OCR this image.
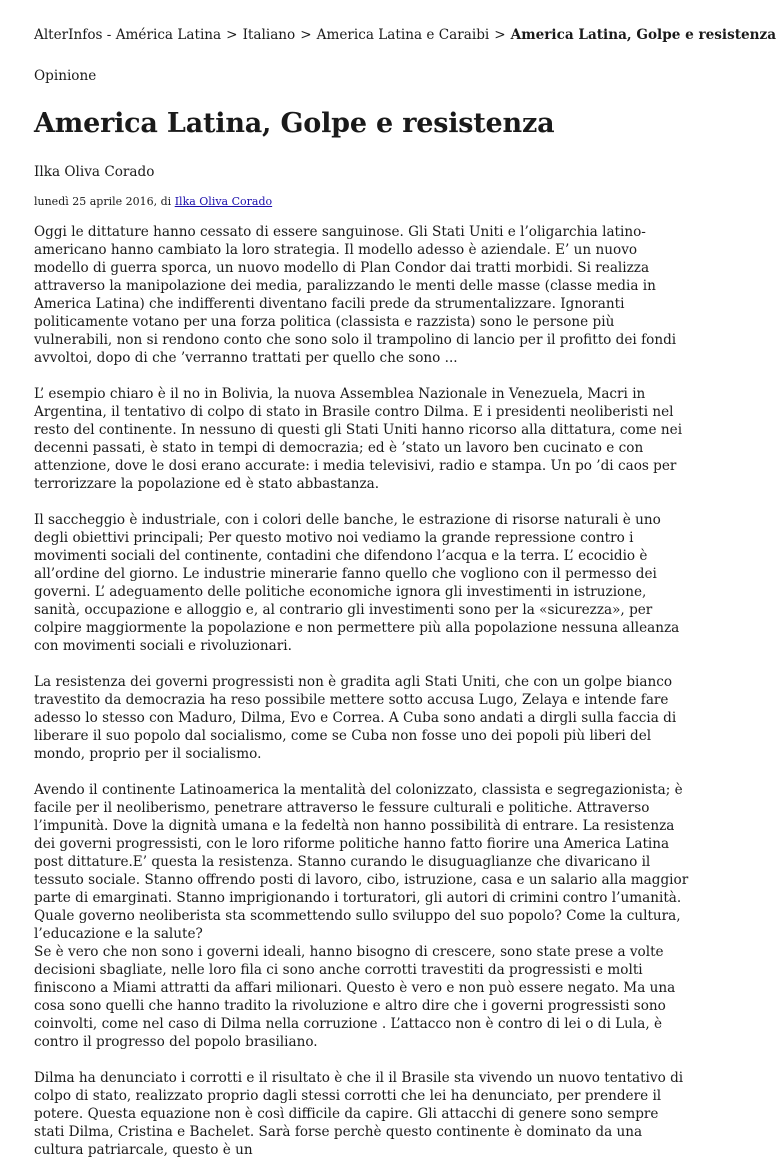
AlterInfos - América Latina > Italiano > America Latina e Caraibi > America Latina, Golpe e resistenza
Opinione
America Latina, Golpe e resistenza
Ilka Oliva Corado
lunedì 25 aprile 2016, di Ilka Oliva Corado

Oggi le dittature hanno cessato di essere sanguinose. Gli Stati Uniti e l’oligarchia latino-americano hanno cambiato la loro strategia. Il modello adesso è aziendale. E’ un nuovo modello di guerra sporca, un nuovo modello di Plan Condor dai tratti morbidi. Si realizza attraverso la manipolazione dei media, paralizzando le menti delle masse (classe media in America Latina) che indifferenti diventano facili prede da strumentalizzare. Ignoranti politicamente votano per una forza politica (classista e razzista) sono le persone più vulnerabili, non si rendono conto che sono solo il trampolino di lancio per il profitto dei fondi avvoltoi, dopo di che ’verranno trattati per quello che sono ...

L’ esempio chiaro è il no in Bolivia, la nuova Assemblea Nazionale in Venezuela, Macri in Argentina, il tentativo di colpo di stato in Brasile contro Dilma. E i presidenti neoliberisti nel resto del continente. In nessuno di questi gli Stati Uniti hanno ricorso alla dittatura, come nei decenni passati, è stato in tempi di democrazia; ed è ’stato un lavoro ben cucinato e con attenzione, dove le dosi erano accurate: i media televisivi, radio e stampa. Un po ’di caos per terrorizzare la popolazione ed è stato abbastanza.

Il saccheggio è industriale, con i colori delle banche, le estrazione di risorse naturali è uno degli obiettivi principali; Per questo motivo noi vediamo la grande repressione contro i movimenti sociali del continente, contadini che difendono l’acqua e la terra. L’ ecocidio è all’ordine del giorno. Le industrie minerarie fanno quello che vogliono con il permesso dei governi. L’ adeguamento delle politiche economiche ignora gli investimenti in istruzione, sanità, occupazione e alloggio e, al contrario gli investimenti sono per la «sicurezza», per colpire maggiormente la popolazione e non permettere più alla popolazione nessuna alleanza con movimenti sociali e rivoluzionari.

La resistenza dei governi progressisti non è gradita agli Stati Uniti, che con un golpe bianco travestito da democrazia ha reso possibile mettere sotto accusa Lugo, Zelaya e intende fare adesso lo stesso con Maduro, Dilma, Evo e Correa. A Cuba sono andati a dirgli sulla faccia di liberare il suo popolo dal socialismo, come se Cuba non fosse uno dei popoli più liberi del mondo, proprio per il socialismo.

Avendo il continente Latinoamerica la mentalità del colonizzato, classista e segregazionista; è facile per il neoliberismo, penetrare attraverso le fessure culturali e politiche. Attraverso l’impunità. Dove la dignità umana e la fedeltà non hanno possibilità di entrare. La resistenza dei governi progressisti, con le loro riforme politiche hanno fatto fiorire una America Latina post dittature.E’ questa la resistenza. Stanno curando le disuguaglianze che divaricano il tessuto sociale. Stanno offrendo posti di lavoro, cibo, istruzione, casa e un salario alla maggior parte di emarginati. Stanno imprigionando i torturatori, gli autori di crimini contro l’umanità. Quale governo neoliberista sta scommettendo sullo sviluppo del suo popolo? Come la cultura, l’educazione e la salute?
Se è vero che non sono i governi ideali, hanno bisogno di crescere, sono state prese a volte decisioni sbagliate, nelle loro fila ci sono anche corrotti travestiti da progressisti e molti finiscono a Miami attratti da affari milionari. Questo è vero e non può essere negato. Ma una cosa sono quelli che hanno tradito la rivoluzione e altro dire che i governi progressisti sono coinvolti, come nel caso di Dilma nella corruzione . L’attacco non è contro di lei o di Lula, è contro il progresso del popolo brasiliano.

Dilma ha denunciato i corrotti e il risultato è che il il Brasile sta vivendo un nuovo tentativo di colpo di stato, realizzato proprio dagli stessi corrotti che lei ha denunciato, per prendere il potere. Questa equazione non è così difficile da capire. Gli attacchi di genere sono sempre stati Dilma, Cristina e Bachelet. Sarà forse perchè questo continente è dominato da una cultura patriarcale, questo è un
